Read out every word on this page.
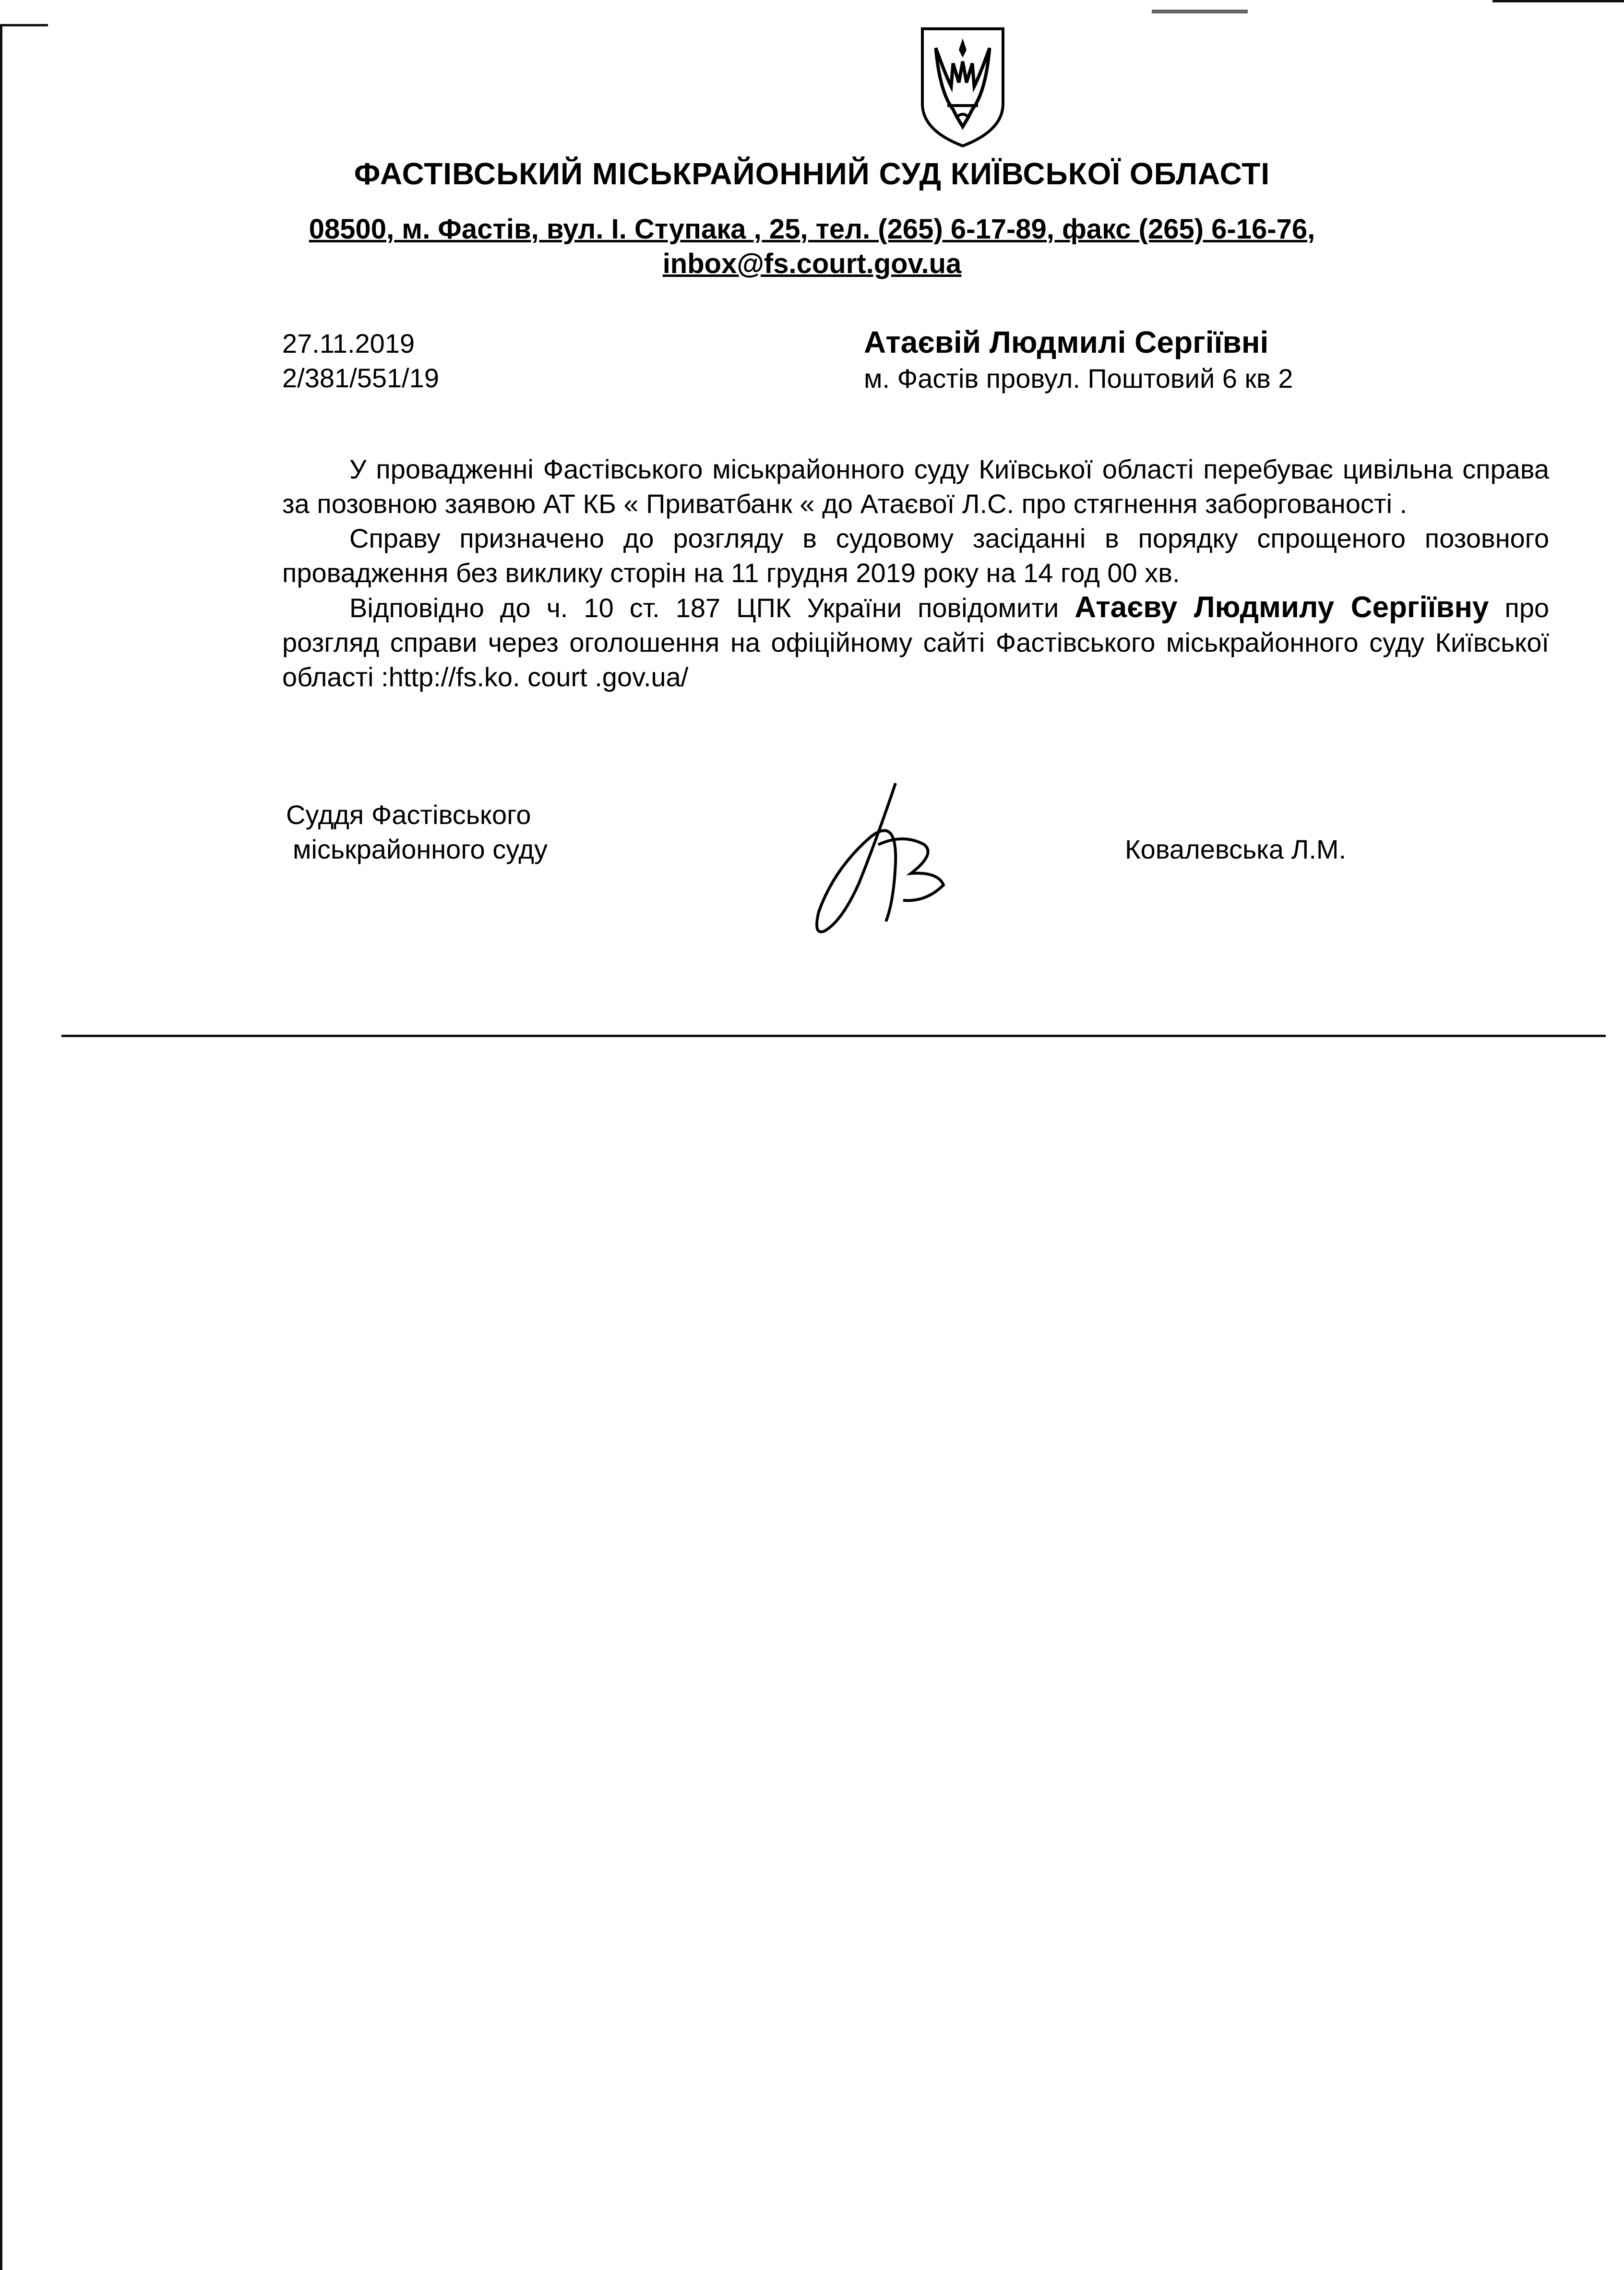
ФАСТІВСЬКИЙ МІСЬКРАЙОННИЙ СУД КИЇВСЬКОЇ ОБЛАСТІ
08500, м. Фастів, вул. І. Ступака , 25, тел. (265) 6-17-89, факс (265) 6-16-76,
inbox@fs.court.gov.ua
27.11.2019
2/381/551/19
Атаєвій Людмилі Сергіївні
м. Фастів провул. Поштовий 6 кв 2

У провадженні Фастівського міськрайонного суду Київської області перебуває цивільна справа за позовною заявою АТ КБ « Приватбанк « до Атаєвої Л.С. про стягнення заборгованості .

Справу призначено до розгляду в судовому засіданні в порядку спрощеного позовного провадження без виклику сторін на 11 грудня 2019 року на 14 год 00 хв.

Відповідно до ч. 10 ст. 187 ЦПК України повідомити Атаєву Людмилу Сергіївну про розгляд справи через оголошення на офіційному сайті Фастівського міськрайонного суду Київської області :http://fs.ko. court .gov.ua/

Суддя Фастівського
міськрайонного суду	Ковалевська Л.М.
